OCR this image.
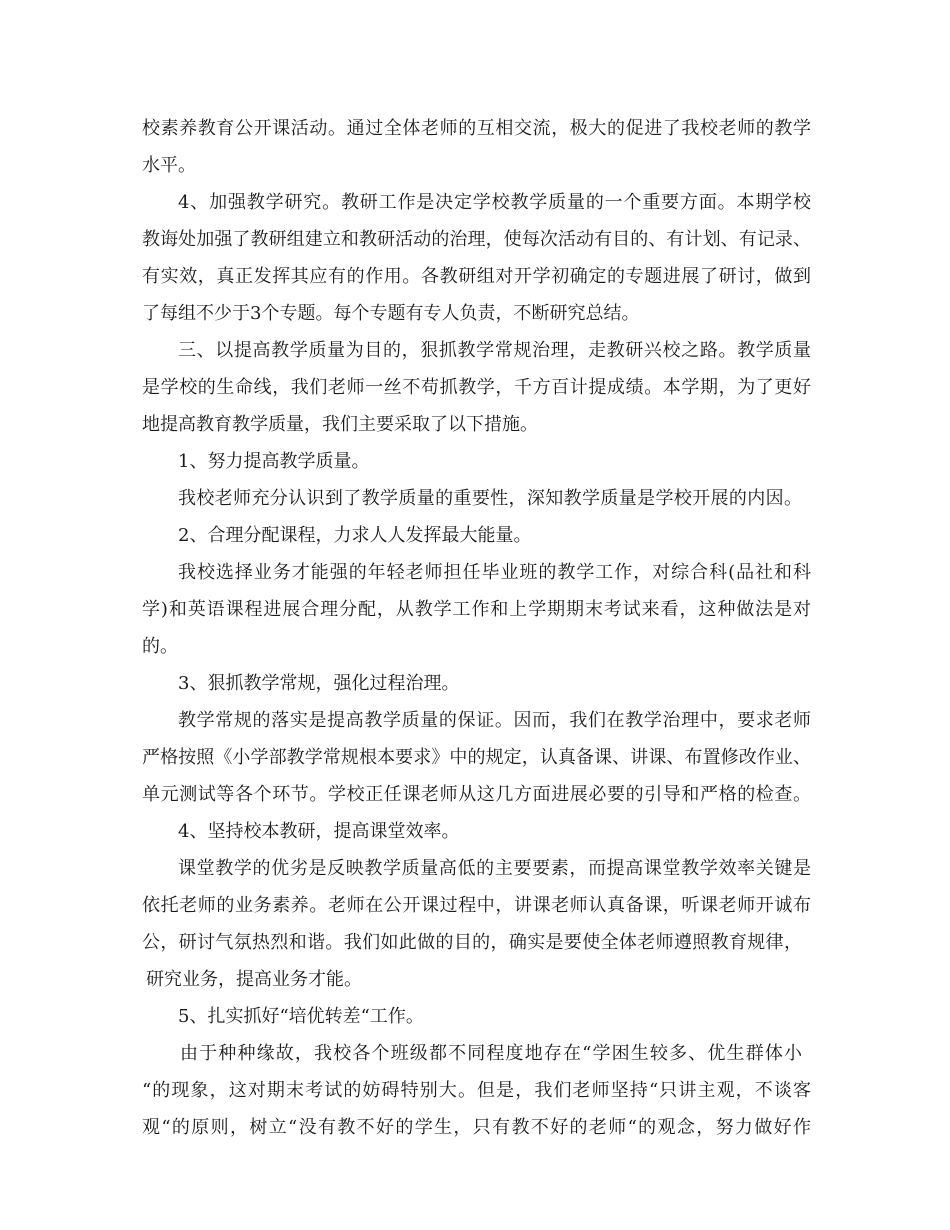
校素养教育公开课活动。通过全体老师的互相交流，极大的促进了我校老师的教学
水平。
4、加强教学研究。教研工作是决定学校教学质量的一个重要方面。本期学校
教诲处加强了教研组建立和教研活动的治理，使每次活动有目的、有计划、有记录、
有实效，真正发挥其应有的作用。各教研组对开学初确定的专题进展了研讨，做到
了每组不少于3个专题。每个专题有专人负责，不断研究总结。
三、以提高教学质量为目的，狠抓教学常规治理，走教研兴校之路。教学质量
是学校的生命线，我们老师一丝不苟抓教学，千方百计提成绩。本学期，为了更好
地提高教育教学质量，我们主要采取了以下措施。
1、努力提高教学质量。
我校老师充分认识到了教学质量的重要性，深知教学质量是学校开展的内因。
2、合理分配课程，力求人人发挥最大能量。
我校选择业务才能强的年轻老师担任毕业班的教学工作，对综合科(品社和科
学)和英语课程进展合理分配，从教学工作和上学期期末考试来看，这种做法是对
的。
3、狠抓教学常规，强化过程治理。
教学常规的落实是提高教学质量的保证。因而，我们在教学治理中，要求老师
严格按照《小学部教学常规根本要求》中的规定，认真备课、讲课、布置修改作业、
单元测试等各个环节。学校正任课老师从这几方面进展必要的引导和严格的检查。
4、坚持校本教研，提高课堂效率。
课堂教学的优劣是反映教学质量高低的主要要素，而提高课堂教学效率关键是
依托老师的业务素养。老师在公开课过程中，讲课老师认真备课，听课老师开诚布
公，研讨气氛热烈和谐。我们如此做的目的，确实是要使全体老师遵照教育规律，
研究业务，提高业务才能。
5、扎实抓好“培优转差“工作。
由于种种缘故，我校各个班级都不同程度地存在“学困生较多、优生群体小
“的现象，这对期末考试的妨碍特别大。但是，我们老师坚持“只讲主观，不谈客
观“的原则，树立“没有教不好的学生，只有教不好的老师“的观念，努力做好作
